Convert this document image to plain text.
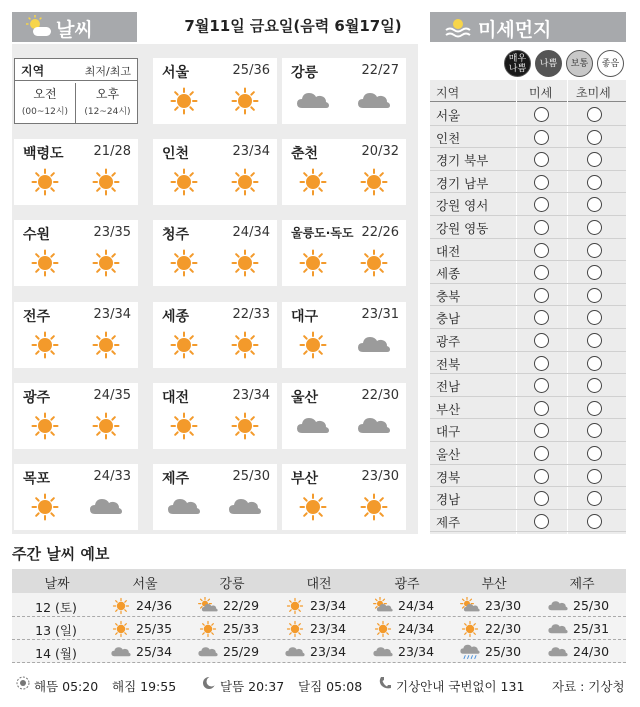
날씨	7월11일 금요일(음력 6월17일)	미세먼지
지역	최저/최고
오전
(00~12시)
오후
(12~24시)
서울	25/36 강릉	22/27
백령도 21/28 인천	23/34 춘천	20/32
수원	23/35 청주	24/34 울릉도·독도 22/26
전주	23/34 세종	22/33 대구	23/31
광주	24/35 대전	23/34 울산	22/30
목포	24/33 제주	25/30 부산	23/30
매우나쁨	나쁨	보통	좋음
지역	미세 초미세
서울
인천
경기 북부
경기 남부
강원 영서
강원 영동
대전
세종
충북
충남
광주
전북
전남
부산
대구
울산
경북
경남
제주
주간 날씨 예보
날짜	서울	강릉	대전	광주	부산	제주
12 (토)	24/36	22/29	23/34	24/34	23/30	25/30
13 (일)	25/35	25/33	23/34	24/34	22/30	25/31
14 (월)	25/34	25/29	23/34	23/34	25/30	24/30
해뜸 05:20 해짐 19:55	달뜸 20:37 달짐 05:08	기상안내 국번없이 131 자료 : 기상청
